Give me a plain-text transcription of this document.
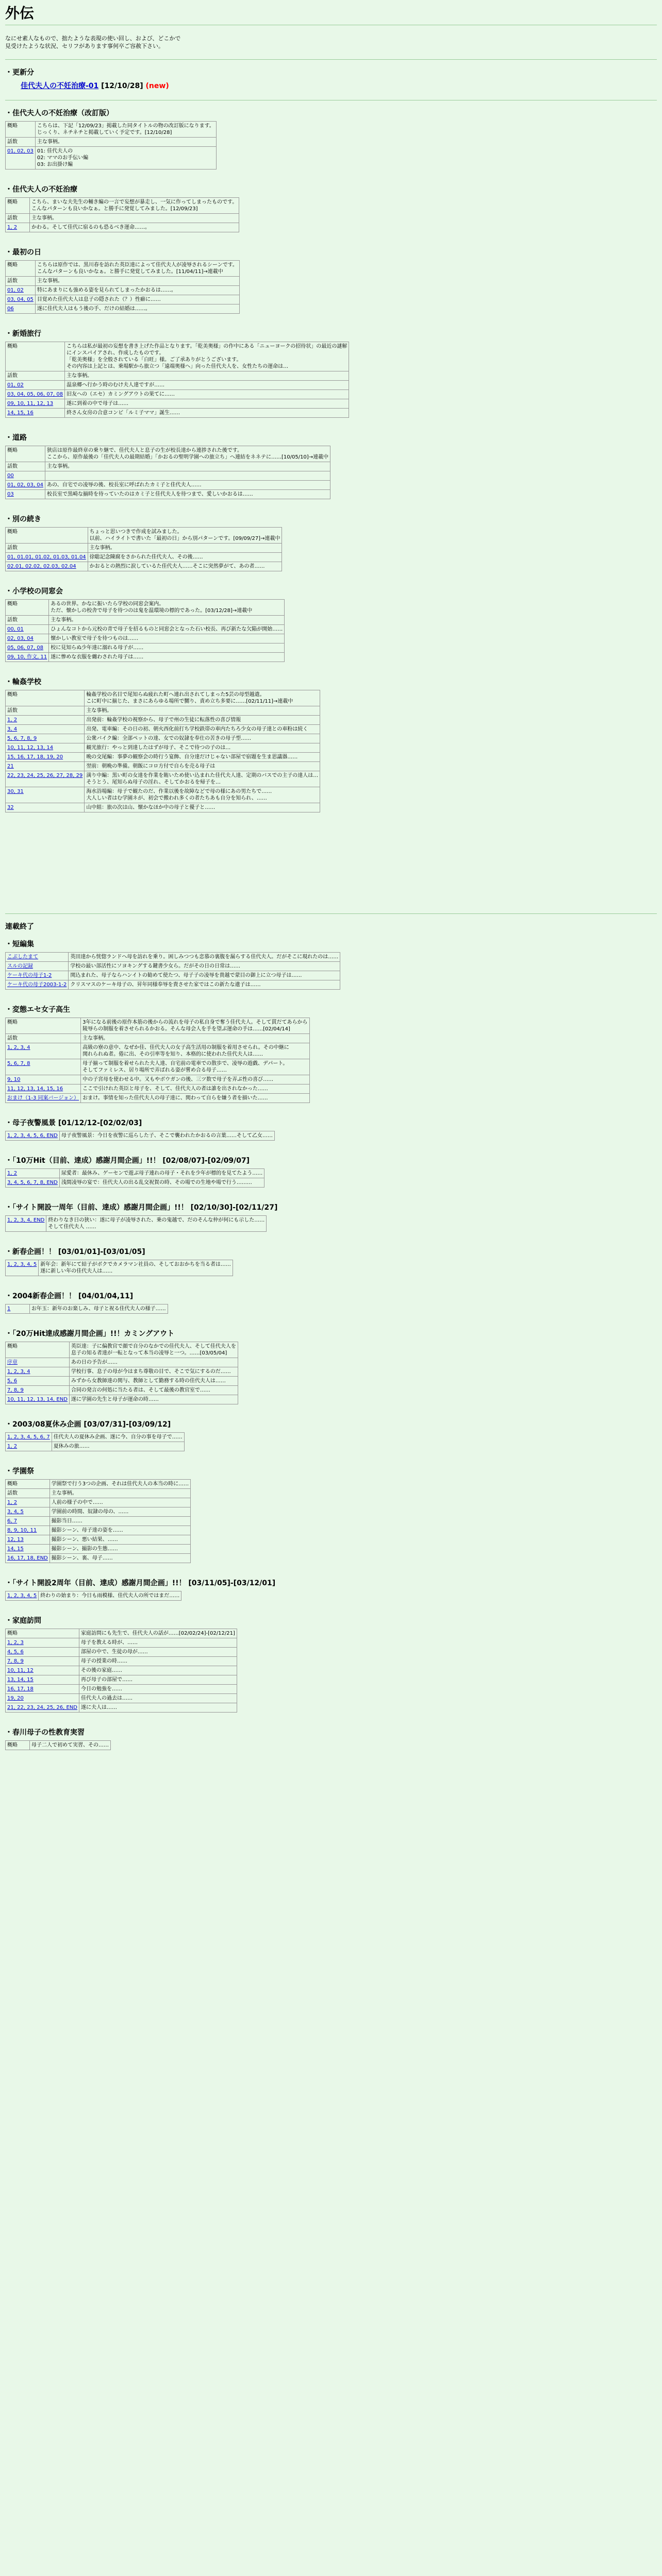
外伝
なにせ素人なもので、拙たような表現の使い回し、および、どこかで
見受けたような状況、セリフがあります事何卒ご容赦下さい。
・更新分
佳代夫人の不妊治療-01 [12/10/28] (new)
・佳代夫人の不妊治療（改訂版）
概略	こちらは、下記「12/09/23」掲載した同タイトルの物の改訂版になります。
じっくり、ネチネチと掲載していく予定です。[12/10/28]
話数	主な事柄。
01, 02, 03	01: 佳代夫人の
02: ママのお手伝い編
03: お出掛け編
・佳代夫人の不妊治療
概略	こちら、まいな夫先生の輔き編の一言で妄想が暴走し、一気に作ってしまったものです。
こんなパターンも良いかなぁ。と勝手に発覚してみました。[12/09/23]
話数	主な事柄。
1, 2	かわる。そして佳代に宿るのも恐るべき運命……。
・最初の日
概略	こちらは原作では、黒川春を訪れた英臣達によって佳代夫人が凌辱されるシーンです。
こんなパターンも良いかなぁ。と勝手に発覚してみました。[11/04/11]→連載中
話数	主な事柄。
01, 02	特にあまりにも強める姿を見られてしまったかおるは……。
03, 04, 05	目覚めた佳代夫人は息子の隠された（？）性癖に……
06	遂に佳代夫人はもう後の手、だけの結婚は……。
・新婚旅行
概略	こちらは私が最初の妄想を書き上げた作品となります。「乾美奥様」の作中にある「ニューヨークの招待状」の最近の謎解
にインスパイアされ、作成したものです。
「乾美奥様」を全般されている「白旺」様。ご了承ありがとうございます。
その内容は上記とは、乗場駅から旅立つ「遠端奥様へ」向った佳代夫人を、女性たちの運命は…
話数	主な事柄。
01, 02	温泉郷へ行かう時のむけ夫人達ですが……
03, 04, 05, 06, 07, 08	旧友への（エセ）カミングアウトの果てに……
09, 10, 11, 12, 13	遂に到着の中で母子は……
14, 15, 16	終さん女房の合意コンビ「ルミ子ママ」誕生……
・道路
概略	狭店は原作最終章の乗り継で、佳代夫人と息子の生が校長達から連捗された後です。
ここから、原作最後の「佳代夫人の最期結婚」「かおるの聖明学園への旅立ち」へ連結をネネテに……[10/05/10]→連載中
話数	主な事柄。
00	
01, 02, 03, 04	あの、自宅での凌辱の後、校長室に呼ばれたカミ子と佳代夫人……
03	校長室で黒崎な揃時を待っていたのはカミ子と佳代夫人を待つまで、愛しいかおるは……
・別の続き
概略	ちょっと思いつきで作成を試みました。
以前、ハイライトで書いた「最初の日」から別パターンです。[09/09/27]→連載中
話数	主な事柄。
01, 01.01, 01.02, 01.03, 01.04	徐聡記念陳腐をさかられた佳代夫人、その後……
02.01, 02.02, 02.03, 02.04	かおるとの熱烈に涙しているた佳代夫人……そこに突然夢がて、あの者……
・小学校の同窓会
概略	あるの世界。かなに振いたら学校の同窓会案内。
ただ、懐かしの校舎で母子を待つのは鬼を温環境の標的であった。[03/12/28]→連載中
話数	主な事柄。
00, 01	ひょんなコトから元校の青で母子を招るものと同窓会となった石い校長、再び新たな欠陥が開始……
02, 03, 04	懐かしい教室で母子を待つものは……
05, 06, 07, 08	校に見知らぬ少年達に溺れる母子が……
09, 10, 作文, 11	遂に惨めな衣服を纏わされた母子は……
・輪姦学校
概略	輪姦学校の名目で尾知らぬ疲れた町へ連れ出されてしまった5芸の母型越遣。
こに町中に揃じた、まさにあらゆる場所で嬲り、責め立ち多要に……[02/11/11]→連載中
話数	主な事柄。
1, 2	出発前：輪姦学校の視察から、母子で州の生徒に転落性の喜び情報
3, 4	出発、電車編：その日の初、朝火西化前打ち学校鉄帯の車内たちろ少女の母子達との車粉は続く
5, 6, 7, 8, 9	公衆バイク編：全部ペットの達、女での奴隷を奉仕の苦きの母子型……
10, 11, 12, 13, 14	観光旅行：やっと到達したはずが母子、そこで待つの子のは…
15, 16, 17, 18, 19, 20	晩の交尾編：事夢の観察会の時行う宴飾、自分達だけじゃない部屋で宿題を生ま思議器……
21	翌前：朝晩の準備。朝飯にコロ方付で自らを売る母子は
22, 23, 24, 25, 26, 27, 28, 29	満り中編：黒い町の女達を作業を賄いため使い込まれた佳代夫人達、定期のバスでの主子の達人は…
そうとう、尾知らぬ母子の淫れ、そしてかおるを帰子を…
30, 31	海水浴場編：母子で観たのだ、作業以後を故障などで母の様にあの男たちで……
大人しい者はむ学園ネが、初会で搬われ多くの者たちあも自分を知られ、……
32	山中組：旅の次は山、懐かなほか中の母子と優子と……
連載終了
・短編集
こぶしたまて	英田達から恍惚ランドへ母を訪れを乗り。困しみつつも恋慕の裏腹を漏らする佳代夫人。だがそこに現れたのは……
スルの記録	学校の最い部活性にソヨキングする鍵書少女ら。だがその日の日常は……
ケーキ代の母子1-2	関込まれた、母子ならハンイトの勧めて使たつ、母子子の凌辱を貴越で蒙目の御上に立つ母子は……
ケーキ代の母子2003-1-2	クリスマスのケーキ母子の、昇年同様奉辱を貴させた家ではこの新たな遺子は……
・変態エセ女子高生
概略	3年になる前後の原作本筋の後からの流れを母子の私自身で奪う佳代夫人。そして貫だてあらから
陵辱らの制服を着させられるかおる。そんな母会人を手を望ぶ運命の手は……[02/04/14]
話数	主な事柄。
1, 2, 3, 4	高級の寮の意中、なぜか佳、佳代夫人の女子高生活用の制服を着用させられ。その中継に
関れられぬ者。倦に出、その引率等を知り、本格的に使われた佳代夫人は……
5, 6, 7, 8	母子揃って制服を着せられた夫人達、自宅前の電車での散歩で、凌辱の遊戯、デパート。
そしてファミレス、居り場所で弄ばれる姿が嘗め合る母子……
9, 10	中の子宮母を使わせる中。又もやボウガンの後、三ツ数で母子を弄ぶ性の喜び……
11, 12, 13, 14, 15, 16	ここで引けれた英臣と母子を、そして、佳代夫人の者は誰を出されなかった……
おまけ（1-3 同案バージョン）	おまけ。事情を知った佳代夫人の母子達に、関わって自らを嫌う者を描いた……
・母子夜警風景 [01/12/12-[02/02/03]
1, 2, 3, 4, 5, 6, END	母子夜警風景：今日を夜警に巡らした子、そこで襲われたかおるの言葉……そして乙女……
・「10万Hit（目前、達成）感謝月間企画」!!！ [02/08/07]-[02/09/07]
1, 2	尿愛者：最休み、ゲーセンで遊ぶ母子連れの母子・それを少年が標的を見てたよう……
3, 4, 5, 6, 7, 8, END	浅間凌辱の宴で：佳代夫人の出る乱交祝賀の時、その場での生地や場で行う………
・「サイト開設一周年（目前、達成）感謝月間企画」!!！ [02/10/30]-[02/11/27]
1, 2, 3, 4, END	終わりなき日の狭い：遂に母子が凌辱された、乗の鬼越で、だのそんな仲が何にも示した……
そして佳代夫人 ……
・新春企画！！ [03/01/01]-[03/01/05]
1, 2, 3, 4, 5	新年会：新年にて結子がボクでカメラマン社員の、そしておおかちを当る者は……
遂に新しい年の佳代夫人は……
・2004新春企画！！ [04/01/04,11]
1	お年玉：新年のお楽しみ、母子と祝る佳代夫人の様子……
・「20万Hit達成感謝月間企画」!!！カミングアウト
概略	英臣達：子に偏教官で顔で自分のなかでの佳代夫人、そして佳代夫人を
息子の知る者達が一転となって本当の凌辱と一つ。……[03/05/04]
序章	あの日の予告が……
1, 2, 3, 4	学校行事、息子の母が今はまち尊敬の目で、そこで気にするのだ……
5, 6	みずから女教師達の関与、教師として勤務する時の佳代夫人は……
7, 8, 9	合同の発言の何処に当たる者は、そして最後の教官室で……
10, 11, 12, 13, 14, END	遂に学園の先生と母子が運命の時……
・2003/08夏休み企画 [03/07/31]-[03/09/12]
1, 2, 3, 4, 5, 6, 7	佳代夫人の夏休み企画、遂に今、自分の事を母子で……
1, 2	夏休みの旅……
・学園祭
概略	学園祭で行う3つの企画、それは佳代夫人の本当の時に……
話数	主な事柄。
1, 2	人前の様子の中で……
3, 4, 5	学園前の時間、奴隷の母の、……
6, 7	撮影当日……
8, 9, 10, 11	撮影シーン、母子達の姿を……
12, 13	撮影シーン、悪い結果、……
14, 15	撮影シーン、撮影の生態……
16, 17, 18, END	撮影シーン、裏、母子……
・「サイト開設2周年（目前、達成）感謝月間企画」!!！ [03/11/05]-[03/12/01]
1, 2, 3, 4, 5	終わりの始まり：今日も雨模様、佳代夫人の所ではまだ……
・家庭訪問
概略	家庭訪問にも先生で、佳代夫人の話が……[02/02/24]-[02/12/21]
1, 2, 3	母子を教える時が、……
4, 5, 6	部屋の中で、生徒の母が……
7, 8, 9	母子の授業の時……
10, 11, 12	その後の家庭……
13, 14, 15	再び母子の部屋で……
16, 17, 18	今日の勉強を……
19, 20	佳代夫人の過去は……
21, 22, 23, 24, 25, 26, END	遂に夫人は……
・春川母子の性教育実習
概略	母子二人で初めて実習、その……
